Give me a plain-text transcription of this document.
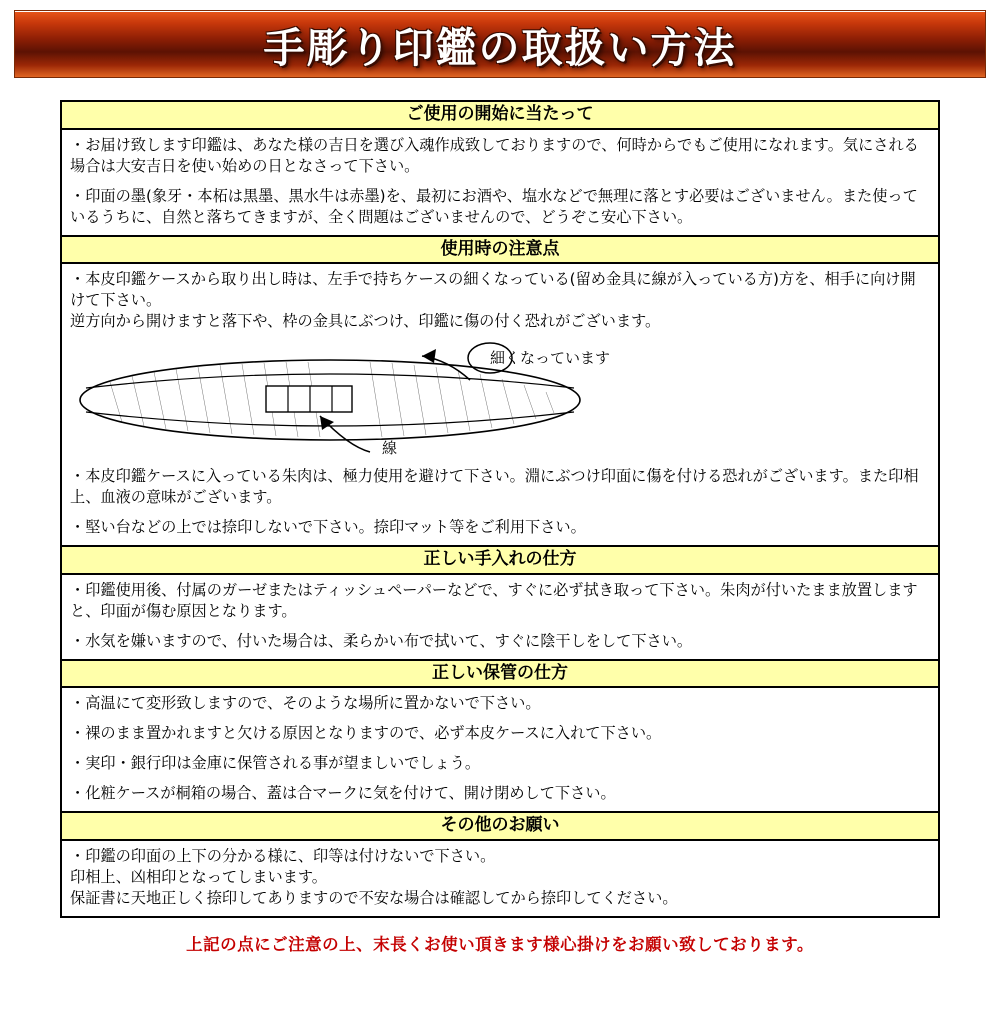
手彫り印鑑の取扱い方法
ご使用の開始に当たって

・お届け致します印鑑は、あなた様の吉日を選び入魂作成致しておりますので、何時からでもご使用になれます。気にされる場合は大安吉日を使い始めの日となさって下さい。

・印面の墨(象牙・本柘は黒墨、黒水牛は赤墨)を、最初にお酒や、塩水などで無理に落とす必要はございません。また使っているうちに、自然と落ちてきますが、全く問題はございませんので、どうぞこ安心下さい。

使用時の注意点

・本皮印鑑ケースから取り出し時は、左手で持ちケースの細くなっている(留め金具に線が入っている方)方を、相手に向け開けて下さい。

逆方向から開けますと落下や、枠の金具にぶつけ、印鑑に傷の付く恐れがございます。

細くなっています
線

・本皮印鑑ケースに入っている朱肉は、極力使用を避けて下さい。淵にぶつけ印面に傷を付ける恐れがございます。また印相上、血液の意味がございます。

・堅い台などの上では捺印しないで下さい。捺印マット等をご利用下さい。

正しい手入れの仕方

・印鑑使用後、付属のガーゼまたはティッシュペーパーなどで、すぐに必ず拭き取って下さい。朱肉が付いたまま放置しますと、印面が傷む原因となります。

・水気を嫌いますので、付いた場合は、柔らかい布で拭いて、すぐに陰干しをして下さい。

正しい保管の仕方

・高温にて変形致しますので、そのような場所に置かないで下さい。

・裸のまま置かれますと欠ける原因となりますので、必ず本皮ケースに入れて下さい。

・実印・銀行印は金庫に保管される事が望ましいでしょう。

・化粧ケースが桐箱の場合、蓋は合マークに気を付けて、開け閉めして下さい。

その他のお願い

・印鑑の印面の上下の分かる様に、印等は付けないで下さい。

印相上、凶相印となってしまいます。

保証書に天地正しく捺印してありますので不安な場合は確認してから捺印してください。

上記の点にご注意の上、末長くお使い頂きます様心掛けをお願い致しております。
